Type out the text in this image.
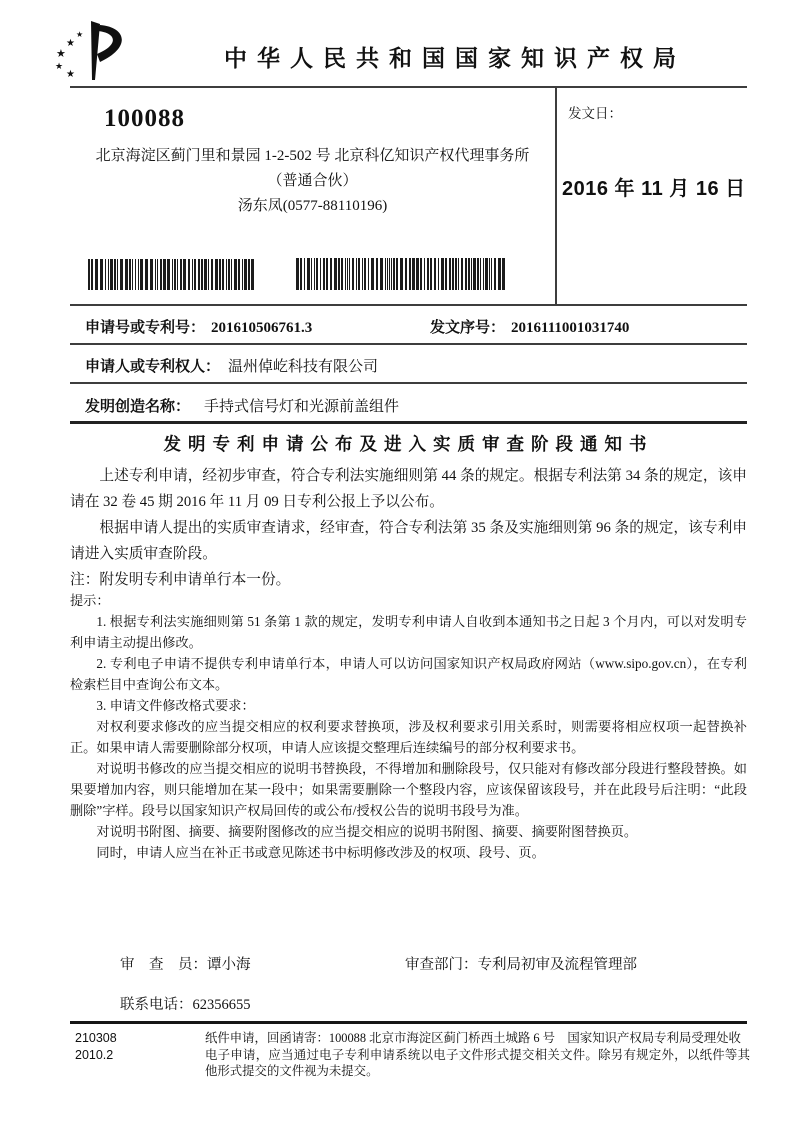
★
★
★
★
★
中华人民共和国国家知识产权局
100088
北京海淀区蓟门里和景园 1-2-502 号 北京科亿知识产权代理事务所
（普通合伙）
汤东凤(0577-88110196)
发文日：
2016 年 11 月 16 日
申请号或专利号： 201610506761.3	发文序号： 2016111001031740
申请人或专利权人： 温州倬屹科技有限公司
发明创造名称： 手持式信号灯和光源前盖组件
发明专利申请公布及进入实质审查阶段通知书

上述专利申请，经初步审查，符合专利法实施细则第 44 条的规定。根据专利法第 34 条的规定，该申请在 32 卷 45 期 2016 年 11 月 09 日专利公报上予以公布。

根据申请人提出的实质审查请求，经审查，符合专利法第 35 条及实施细则第 96 条的规定，该专利申请进入实质审查阶段。

注：附发明专利申请单行本一份。

提示：

1. 根据专利法实施细则第 51 条第 1 款的规定，发明专利申请人自收到本通知书之日起 3 个月内，可以对发明专利申请主动提出修改。

2. 专利电子申请不提供专利申请单行本，申请人可以访问国家知识产权局政府网站（www.sipo.gov.cn），在专利检索栏目中查询公布文本。

3. 申请文件修改格式要求：

对权利要求修改的应当提交相应的权利要求替换项，涉及权利要求引用关系时，则需要将相应权项一起替换补正。如果申请人需要删除部分权项，申请人应该提交整理后连续编号的部分权利要求书。

对说明书修改的应当提交相应的说明书替换段，不得增加和删除段号，仅只能对有修改部分段进行整段替换。如果要增加内容，则只能增加在某一段中；如果需要删除一个整段内容，应该保留该段号，并在此段号后注明：“此段删除”字样。段号以国家知识产权局回传的或公布/授权公告的说明书段号为准。

对说明书附图、摘要、摘要附图修改的应当提交相应的说明书附图、摘要、摘要附图替换页。

同时，申请人应当在补正书或意见陈述书中标明修改涉及的权项、段号、页。

审　查　员：谭小海	审查部门：专利局初审及流程管理部
联系电话：62356655
210308
2010.2

纸件申请，回函请寄：100088 北京市海淀区蓟门桥西土城路 6 号　国家知识产权局专利局受理处收

电子申请，应当通过电子专利申请系统以电子文件形式提交相关文件。除另有规定外，以纸件等其他形式提交的文件视为未提交。
